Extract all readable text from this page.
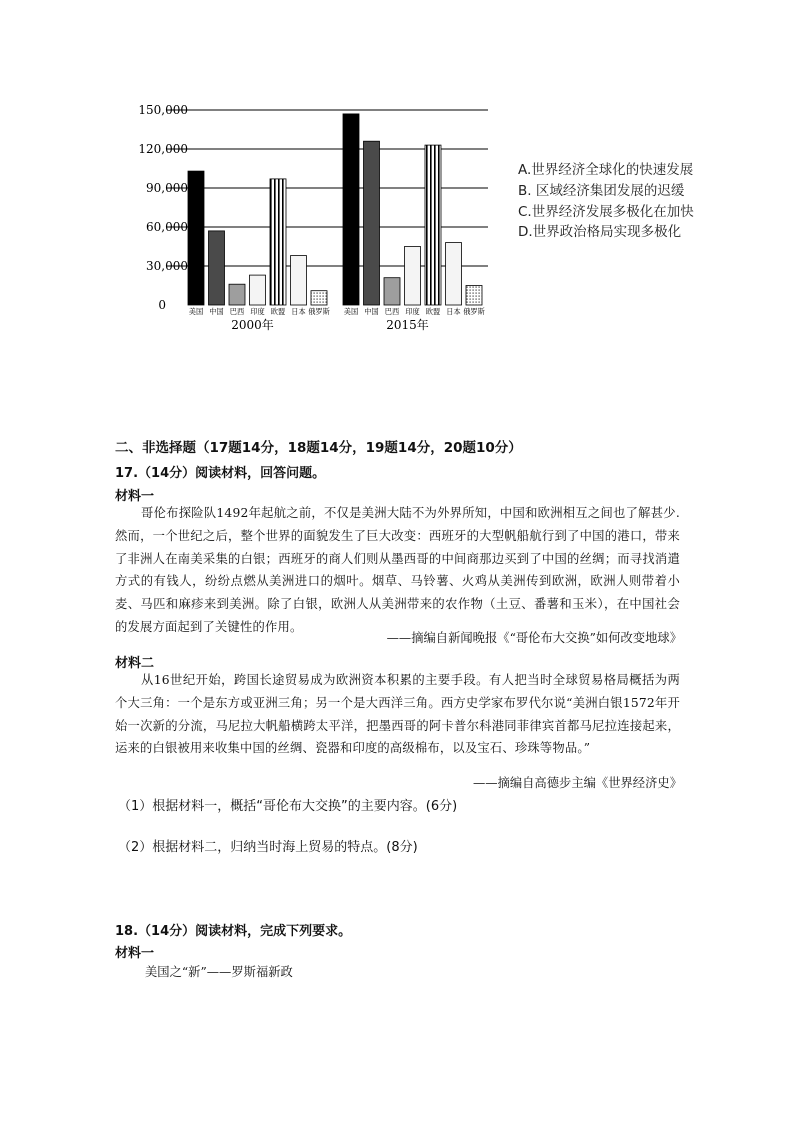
0
30,000
60,000
90,000
120,000
150,000
美国 中国 巴西 印度 欧盟 日本 俄罗斯
2000年
美国 中国 巴西 印度 欧盟 日本 俄罗斯
2015年
A.世界经济全球化的快速发展
B. 区域经济集团发展的迟缓
C.世界经济发展多极化在加快
D.世界政治格局实现多极化
二、非选择题（17题14分，18题14分，19题14分，20题10分）
17.（14分）阅读材料，回答问题。
材料一

哥伦布探险队1492年起航之前，不仅是美洲大陆不为外界所知，中国和欧洲相互之间也了解甚少.然而，一个世纪之后，整个世界的面貌发生了巨大改变：西班牙的大型帆船航行到了中国的港口，带来了非洲人在南美采集的白银；西班牙的商人们则从墨西哥的中间商那边买到了中国的丝绸；而寻找消遣方式的有钱人，纷纷点燃从美洲进口的烟叶。烟草、马铃薯、火鸡从美洲传到欧洲，欧洲人则带着小麦、马匹和麻疹来到美洲。除了白银，欧洲人从美洲带来的农作物（土豆、番薯和玉米），在中国社会的发展方面起到了关键性的作用。

——摘编自新闻晚报《“哥伦布大交换”如何改变地球》
材料二

从16世纪开始，跨国长途贸易成为欧洲资本积累的主要手段。有人把当时全球贸易格局概括为两个大三角：一个是东方或亚洲三角；另一个是大西洋三角。西方史学家布罗代尔说“美洲白银1572年开始一次新的分流，马尼拉大帆船横跨太平洋，把墨西哥的阿卡普尔科港同菲律宾首都马尼拉连接起来，运来的白银被用来收集中国的丝绸、瓷器和印度的高级棉布，以及宝石、珍珠等物品。”

——摘编自高德步主编《世界经济史》
（1）根据材料一，概括“哥伦布大交换”的主要内容。(6分)
（2）根据材料二，归纳当时海上贸易的特点。(8分)
18.（14分）阅读材料，完成下列要求。
材料一
美国之“新”——罗斯福新政
